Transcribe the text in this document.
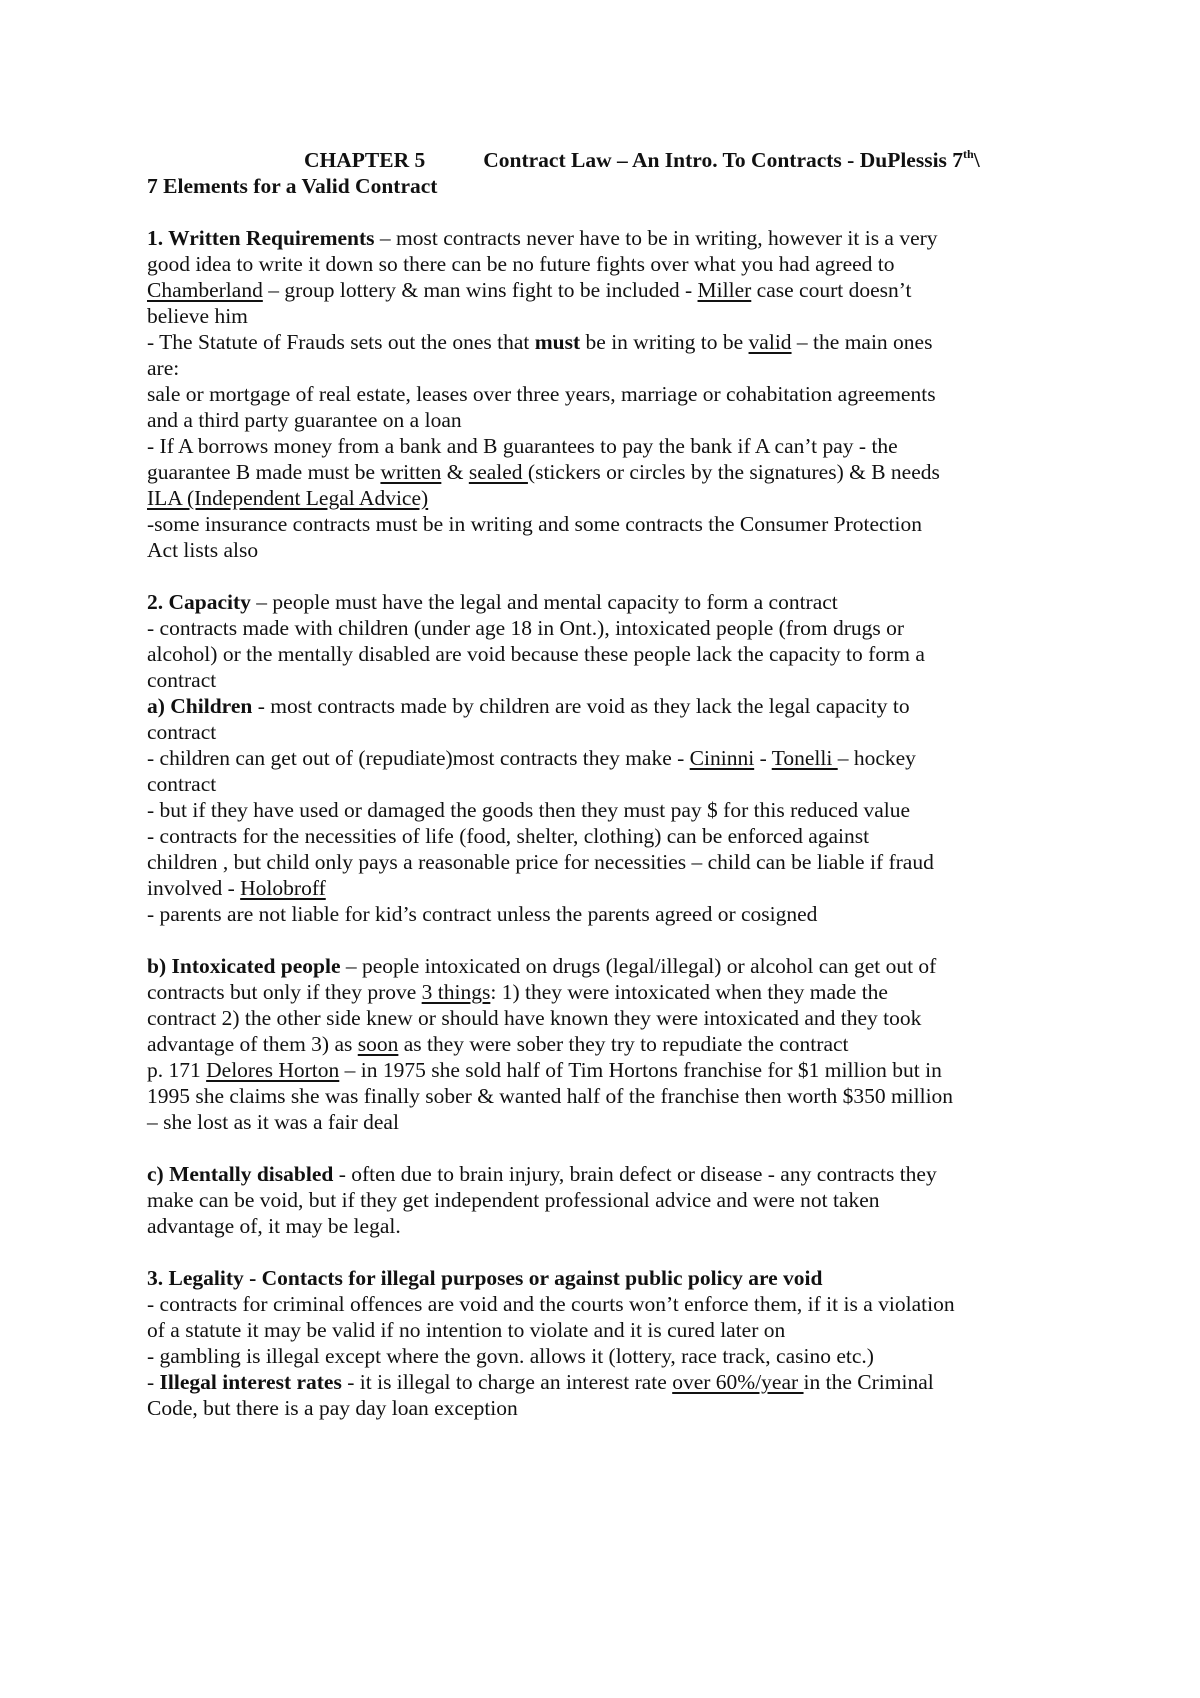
CHAPTER 5	Contract Law – An Intro. To Contracts - DuPlessis 7th\
7 Elements for a Valid Contract
1. Written Requirements – most contracts never have to be in writing, however it is a very
good idea to write it down so there can be no future fights over what you had agreed to
Chamberland – group lottery & man wins fight to be included - Miller case court doesn’t
believe him
- The Statute of Frauds sets out the ones that must be in writing to be valid – the main ones
are:
sale or mortgage of real estate, leases over three years, marriage or cohabitation agreements
and a third party guarantee on a loan
- If A borrows money from a bank and B guarantees to pay the bank if A can’t pay - the
guarantee B made must be written & sealed (stickers or circles by the signatures) & B needs
ILA (Independent Legal Advice)
-some insurance contracts must be in writing and some contracts the Consumer Protection
Act lists also
2. Capacity – people must have the legal and mental capacity to form a contract
- contracts made with children (under age 18 in Ont.), intoxicated people (from drugs or
alcohol) or the mentally disabled are void because these people lack the capacity to form a
contract
a) Children - most contracts made by children are void as they lack the legal capacity to
contract
- children can get out of (repudiate)most contracts they make - Cininni - Tonelli – hockey
contract
- but if they have used or damaged the goods then they must pay $ for this reduced value
- contracts for the necessities of life (food, shelter, clothing) can be enforced against
children , but child only pays a reasonable price for necessities – child can be liable if fraud
involved - Holobroff
- parents are not liable for kid’s contract unless the parents agreed or cosigned
b) Intoxicated people – people intoxicated on drugs (legal/illegal) or alcohol can get out of
contracts but only if they prove 3 things: 1) they were intoxicated when they made the
contract 2) the other side knew or should have known they were intoxicated and they took
advantage of them 3) as soon as they were sober they try to repudiate the contract
p. 171 Delores Horton – in 1975 she sold half of Tim Hortons franchise for $1 million but in
1995 she claims she was finally sober & wanted half of the franchise then worth $350 million
– she lost as it was a fair deal
c) Mentally disabled - often due to brain injury, brain defect or disease - any contracts they
make can be void, but if they get independent professional advice and were not taken
advantage of, it may be legal.
3. Legality - Contacts for illegal purposes or against public policy are void
- contracts for criminal offences are void and the courts won’t enforce them, if it is a violation
of a statute it may be valid if no intention to violate and it is cured later on
- gambling is illegal except where the govn. allows it (lottery, race track, casino etc.)
- Illegal interest rates - it is illegal to charge an interest rate over 60%/year in the Criminal
Code, but there is a pay day loan exception
